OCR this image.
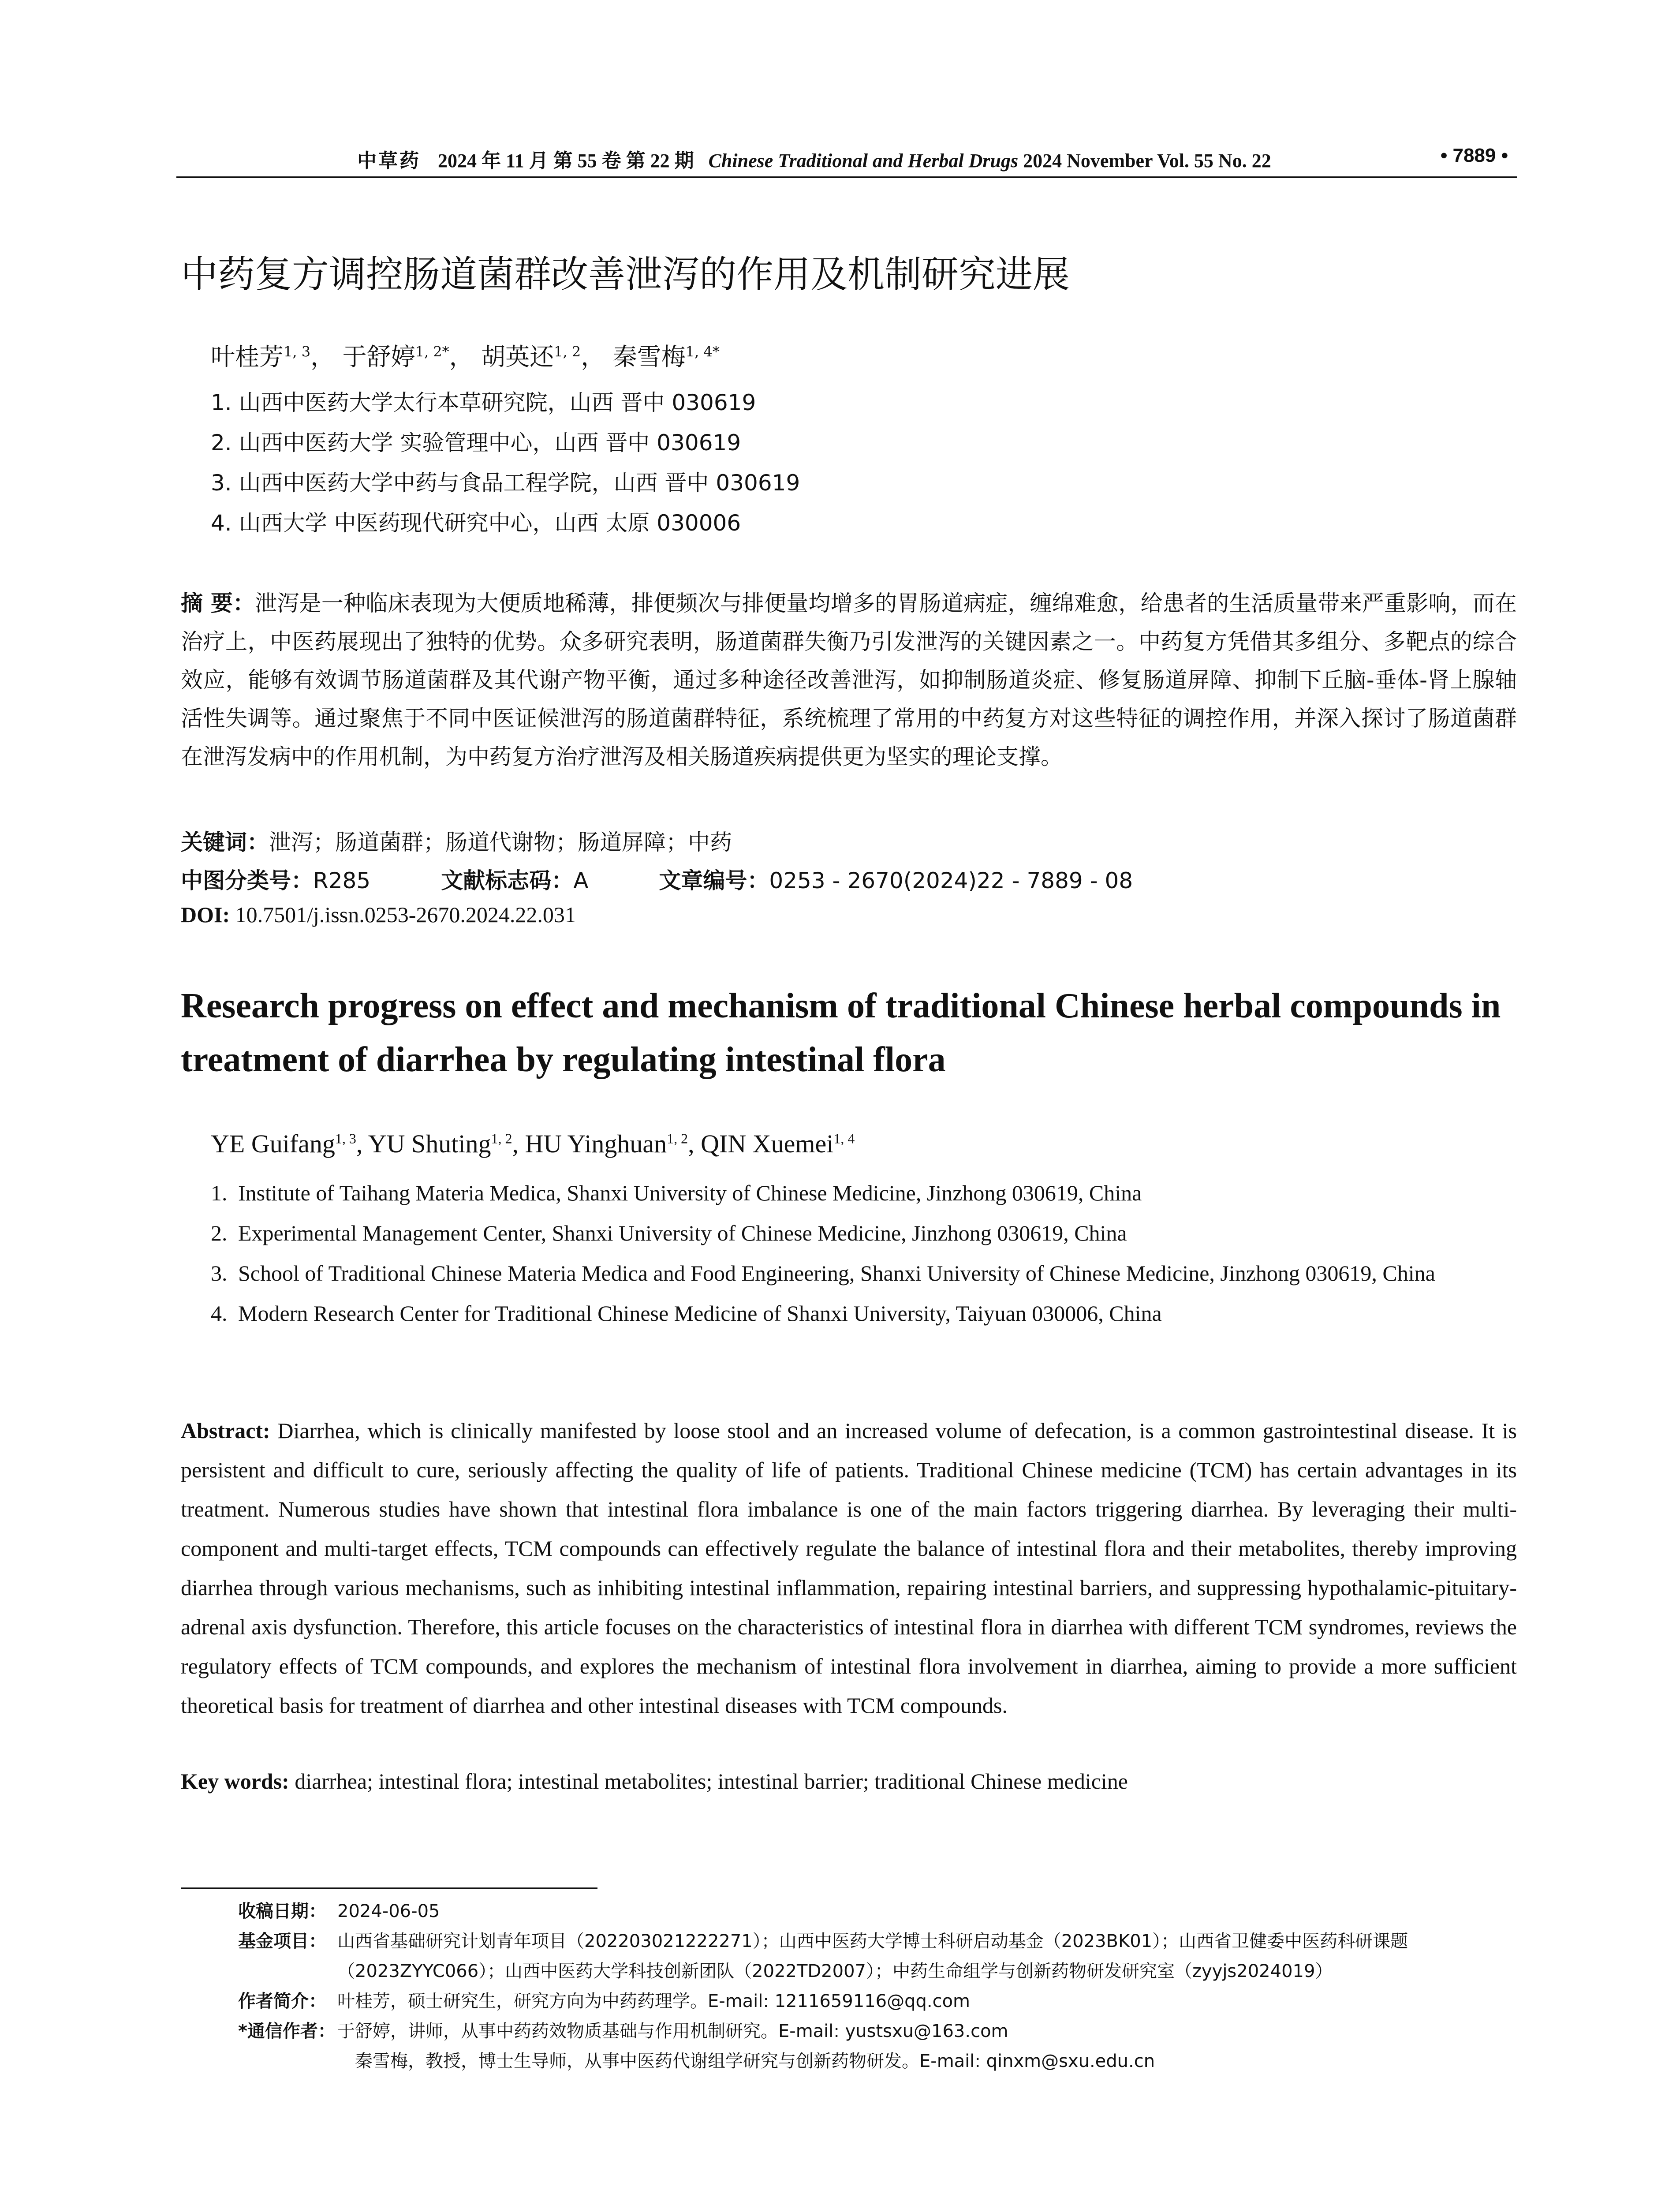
中草药 2024 年 11 月 第 55 卷 第 22 期 Chinese Traditional and Herbal Drugs 2024 November Vol. 55 No. 22	• 7889 •
中药复方调控肠道菌群改善泄泻的作用及机制研究进展
叶桂芳$^{1, 3}$， 于舒婷$^{1, 2*}$， 胡英还$^{1, 2}$， 秦雪梅$^{1, 4*}$
1. 山西中医药大学太行本草研究院，山西 晋中 030619
2. 山西中医药大学 实验管理中心，山西 晋中 030619
3. 山西中医药大学中药与食品工程学院，山西 晋中 030619
4. 山西大学 中医药现代研究中心，山西 太原 030006
摘 要：泄泻是一种临床表现为大便质地稀薄，排便频次与排便量均增多的胃肠道病症，缠绵难愈，给患者的生活质量带来严重影响，而在治疗上，中医药展现出了独特的优势。众多研究表明，肠道菌群失衡乃引发泄泻的关键因素之一。中药复方凭借其多组分、多靶点的综合效应，能够有效调节肠道菌群及其代谢产物平衡，通过多种途径改善泄泻，如抑制肠道炎症、修复肠道屏障、抑制下丘脑-垂体-肾上腺轴活性失调等。通过聚焦于不同中医证候泄泻的肠道菌群特征，系统梳理了常用的中药复方对这些特征的调控作用，并深入探讨了肠道菌群在泄泻发病中的作用机制，为中药复方治疗泄泻及相关肠道疾病提供更为坚实的理论支撑。
关键词：泄泻；肠道菌群；肠道代谢物；肠道屏障；中药
中图分类号：R285	文献标志码：A	文章编号：0253 - 2670(2024)22 - 7889 - 08
DOI: 10.7501/j.issn.0253-2670.2024.22.031
Research progress on effect and mechanism of traditional Chinese herbal compounds in treatment of diarrhea by regulating intestinal flora
YE Guifang$^{1, 3}$, YU Shuting$^{1, 2}$, HU Yinghuan$^{1, 2}$, QIN Xuemei$^{1, 4}$
1. Institute of Taihang Materia Medica, Shanxi University of Chinese Medicine, Jinzhong 030619, China
2. Experimental Management Center, Shanxi University of Chinese Medicine, Jinzhong 030619, China
3. School of Traditional Chinese Materia Medica and Food Engineering, Shanxi University of Chinese Medicine, Jinzhong 030619, China
4. Modern Research Center for Traditional Chinese Medicine of Shanxi University, Taiyuan 030006, China
Abstract: Diarrhea, which is clinically manifested by loose stool and an increased volume of defecation, is a common gastrointestinal disease. It is persistent and difficult to cure, seriously affecting the quality of life of patients. Traditional Chinese medicine (TCM) has certain advantages in its treatment. Numerous studies have shown that intestinal flora imbalance is one of the main factors triggering diarrhea. By leveraging their multi-component and multi-target effects, TCM compounds can effectively regulate the balance of intestinal flora and their metabolites, thereby improving diarrhea through various mechanisms, such as inhibiting intestinal inflammation, repairing intestinal barriers, and suppressing hypothalamic-pituitary-adrenal axis dysfunction. Therefore, this article focuses on the characteristics of intestinal flora in diarrhea with different TCM syndromes, reviews the regulatory effects of TCM compounds, and explores the mechanism of intestinal flora involvement in diarrhea, aiming to provide a more sufficient theoretical basis for treatment of diarrhea and other intestinal diseases with TCM compounds.
Key words: diarrhea; intestinal flora; intestinal metabolites; intestinal barrier; traditional Chinese medicine
收稿日期： 2024-06-05
基金项目： 山西省基础研究计划青年项目（202203021222271）；山西中医药大学博士科研启动基金（2023BK01）；山西省卫健委中医药科研课题（2023ZYYC066）；山西中医药大学科技创新团队（2022TD2007）；中药生命组学与创新药物研发研究室（zyyjs2024019）
作者简介： 叶桂芳，硕士研究生，研究方向为中药药理学。E-mail: 1211659116@qq.com
*通信作者： 于舒婷，讲师，从事中药药效物质基础与作用机制研究。E-mail: yustsxu@163.com
秦雪梅，教授，博士生导师，从事中医药代谢组学研究与创新药物研发。E-mail: qinxm@sxu.edu.cn
